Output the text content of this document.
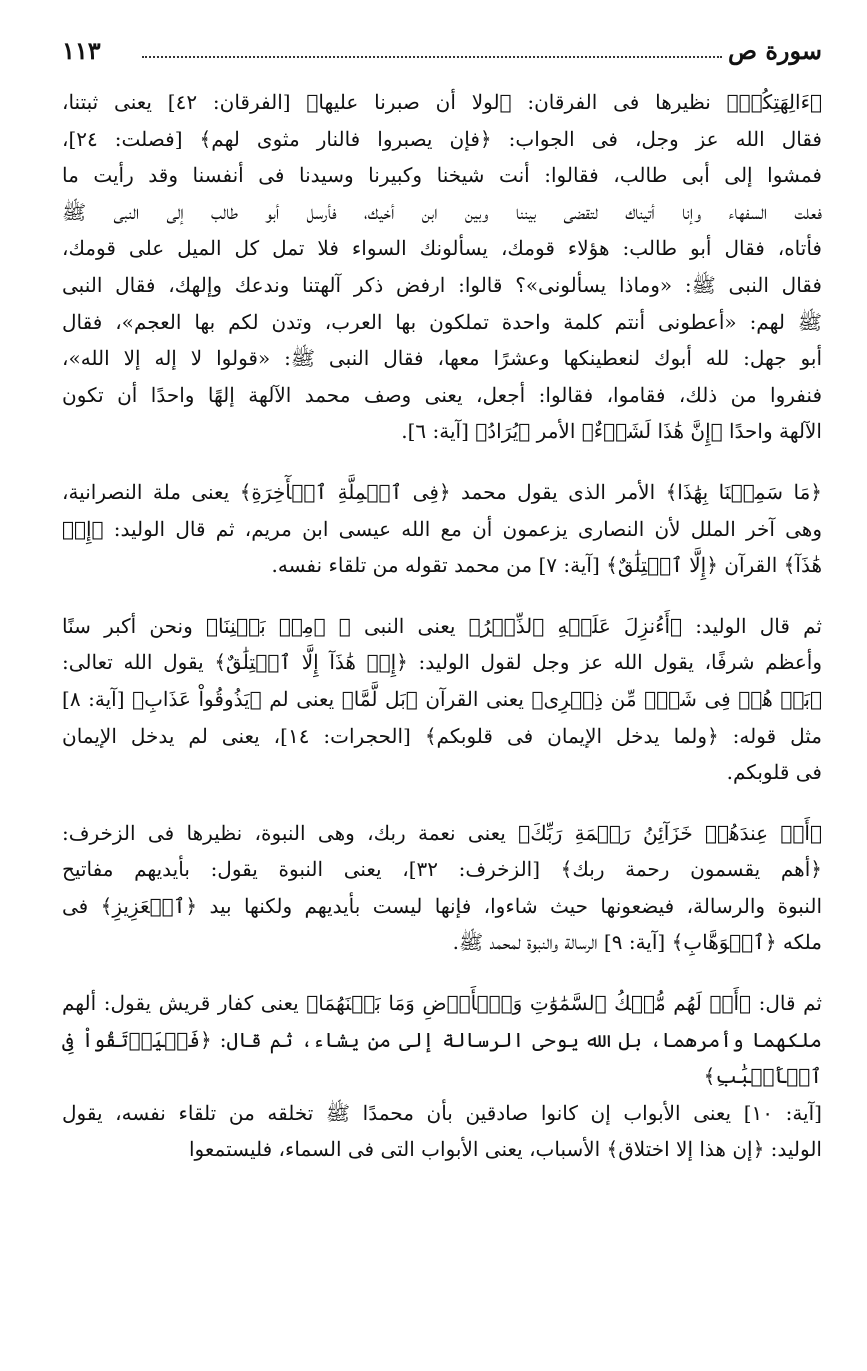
سورة ص
١١٣
﴿ءَالِهَتِكُمۡ﴾ نظيرها فى الفرقان: ﴿لولا أن صبرنا عليها﴾ [الفرقان: ٤٢] يعنى ثبتنا،
فقال الله عز وجل، فى الجواب: ﴿فإن يصبروا فالنار مثوى لهم﴾ [فصلت: ٢٤]،
فمشوا إلى أبى طالب، فقالوا: أنت شيخنا وكبيرنا وسيدنا فى أنفسنا وقد رأيت ما
فعلت السفهاء وإنا أتيناك لتقضى بيننا وبين ابن أخيك، فأرسل أبو طالب إلى النبى ﷺ
فأتاه، فقال أبو طالب: هؤلاء قومك، يسألونك السواء فلا تمل كل الميل على قومك،
فقال النبى ﷺ: «وماذا يسألونى»؟ قالوا: ارفض ذكر آلهتنا وندعك وإلهك، فقال النبى
ﷺ لهم: «أعطونى أنتم كلمة واحدة تملكون بها العرب، وتدن لكم بها العجم»، فقال
أبو جهل: لله أبوك لنعطينكها وعشرًا معها، فقال النبى ﷺ: «قولوا لا إله إلا الله»،
فنفروا من ذلك، فقاموا، فقالوا: أجعل، يعنى وصف محمد الآلهة إلهًا واحدًا أن تكون
الآلهة واحدًا ﴿إِنَّ هَٰذَا لَشَيۡءٌ﴾ الأمر ﴿يُرَادُ﴾ [آية: ٦].
﴿مَا سَمِعۡنَا بِهَٰذَا﴾ الأمر الذى يقول محمد ﴿فِى ٱلۡمِلَّةِ ٱلۡأٓخِرَةِ﴾ يعنى ملة النصرانية،
وهى آخر الملل لأن النصارى يزعمون أن مع الله عيسى ابن مريم، ثم قال الوليد: ﴿إِنۡ
هَٰذَآ﴾ القرآن ﴿إِلَّا ٱخۡتِلَٰقٌ﴾ [آية: ٧] من محمد تقوله من تلقاء نفسه.
ثم قال الوليد: ﴿أَءُنزِلَ عَلَيۡهِ ٱلذِّكۡرُ﴾ يعنى النبى ﷺ ﴿مِنۢ بَيۡنِنَا﴾ ونحن أكبر سنًا
وأعظم شرفًا، يقول الله عز وجل لقول الوليد: ﴿إِنۡ هَٰذَآ إِلَّا ٱخۡتِلَٰقٌ﴾ يقول الله تعالى:
﴿بَلۡ هُمۡ فِى شَكّٖ مِّن ذِكۡرِى﴾ يعنى القرآن ﴿بَل لَّمَّا﴾ يعنى لم ﴿يَذُوقُواْ عَذَابِ﴾ [آية: ٨]
مثل قوله: ﴿ولما يدخل الإيمان فى قلوبكم﴾ [الحجرات: ١٤]، يعنى لم يدخل الإيمان
فى قلوبكم.
﴿أَمۡ عِندَهُمۡ خَزَآئِنُ رَحۡمَةِ رَبِّكَ﴾ يعنى نعمة ربك، وهى النبوة، نظيرها فى الزخرف:
﴿أهم يقسمون رحمة ربك﴾ [الزخرف: ٣٢]، يعنى النبوة يقول: بأيديهم مفاتيح
النبوة والرسالة، فيضعونها حيث شاءوا، فإنها ليست بأيديهم ولكنها بيد ﴿ٱلۡعَزِيزِ﴾ فى
ملكه ﴿ٱلۡوَهَّابِ﴾ [آية: ٩] الرسالة والنبوة لمحمد ﷺ.
ثم قال: ﴿أَمۡ لَهُم مُّلۡكُ ٱلسَّمَٰوَٰتِ وَٱلۡأَرۡضِ وَمَا بَيۡنَهُمَا﴾ يعنى كفار قريش يقول: ألهم
ملكهما وأمرهما، بل الله يوحى الرسالة إلى من يشاء، ثم قال: ﴿فَلۡيَرۡتَقُواْ فِى ٱلۡأَسۡبَٰبِ﴾
[آية: ١٠] يعنى الأبواب إن كانوا صادقين بأن محمدًا ﷺ تخلقه من تلقاء نفسه، يقول
الوليد: ﴿إن هذا إلا اختلاق﴾ الأسباب، يعنى الأبواب التى فى السماء، فليستمعوا
